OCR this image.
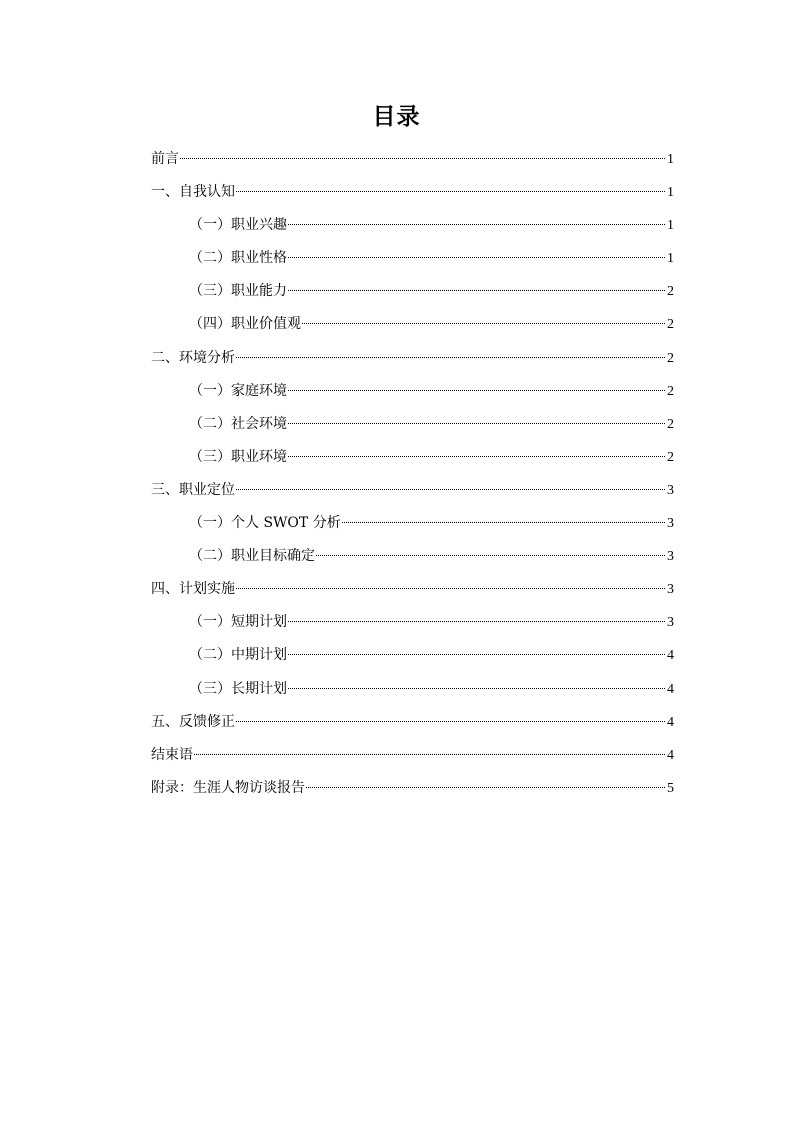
目录
前言	1
一、自我认知	1
（一）职业兴趣	1
（二）职业性格	1
（三）职业能力	2
（四）职业价值观	2
二、环境分析	2
（一）家庭环境	2
（二）社会环境	2
（三）职业环境	2
三、职业定位	3
（一）个人 SWOT 分析	3
（二）职业目标确定	3
四、计划实施	3
（一）短期计划	3
（二）中期计划	4
（三）长期计划	4
五、反馈修正	4
结束语	4
附录：生涯人物访谈报告	5
